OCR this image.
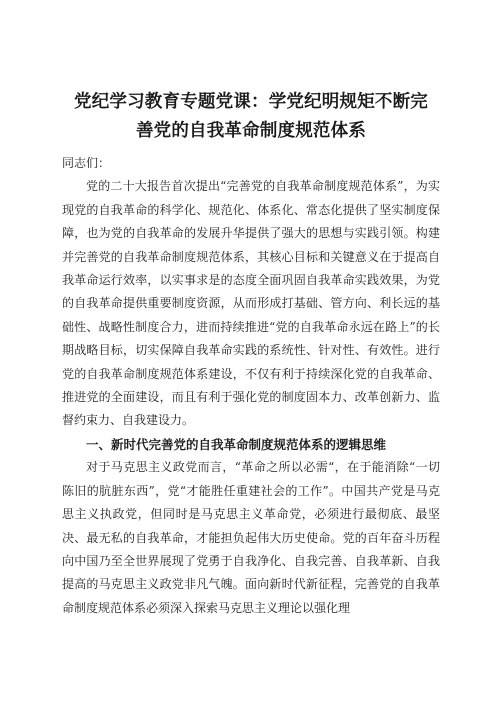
党纪学习教育专题党课：学党纪明规矩不断完
善党的自我革命制度规范体系
同志们：

党的二十大报告首次提出“完善党的自我革命制度规范体系”，为实现党的自我革命的科学化、规范化、体系化、常态化提供了坚实制度保障，也为党的自我革命的发展升华提供了强大的思想与实践引领。构建并完善党的自我革命制度规范体系，其核心目标和关键意义在于提高自我革命运行效率，以实事求是的态度全面巩固自我革命实践效果，为党的自我革命提供重要制度资源，从而形成打基础、管方向、利长远的基础性、战略性制度合力，进而持续推进“党的自我革命永远在路上”的长期战略目标，切实保障自我革命实践的系统性、针对性、有效性。进行党的自我革命制度规范体系建设，不仅有利于持续深化党的自我革命、推进党的全面建设，而且有利于强化党的制度固本力、改革创新力、监督约束力、自我建设力。

一、新时代完善党的自我革命制度规范体系的逻辑思维

对于马克思主义政党而言，“革命之所以必需“，在于能消除“一切陈旧的肮脏东西”，党“才能胜任重建社会的工作”。中国共产党是马克思主义执政党，但同时是马克思主义革命党，必须进行最彻底、最坚决、最无私的自我革命，才能担负起伟大历史使命。党的百年奋斗历程向中国乃至全世界展现了党勇于自我净化、自我完善、自我革新、自我提高的马克思主义政党非凡气魄。面向新时代新征程，完善党的自我革命制度规范体系必须深入探索马克思主义理论以强化理
